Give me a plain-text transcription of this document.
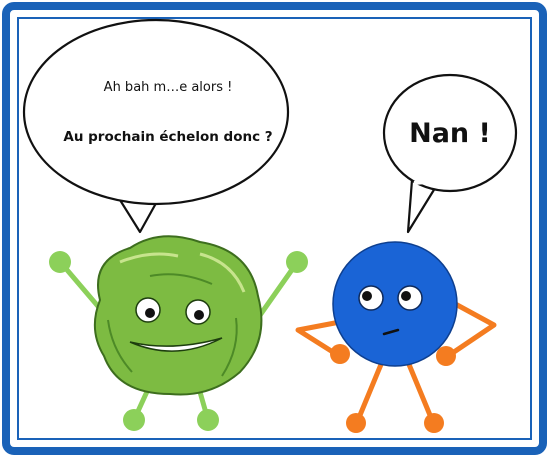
Ah bah m…e alors !
Au prochain échelon donc ?	Nan !
